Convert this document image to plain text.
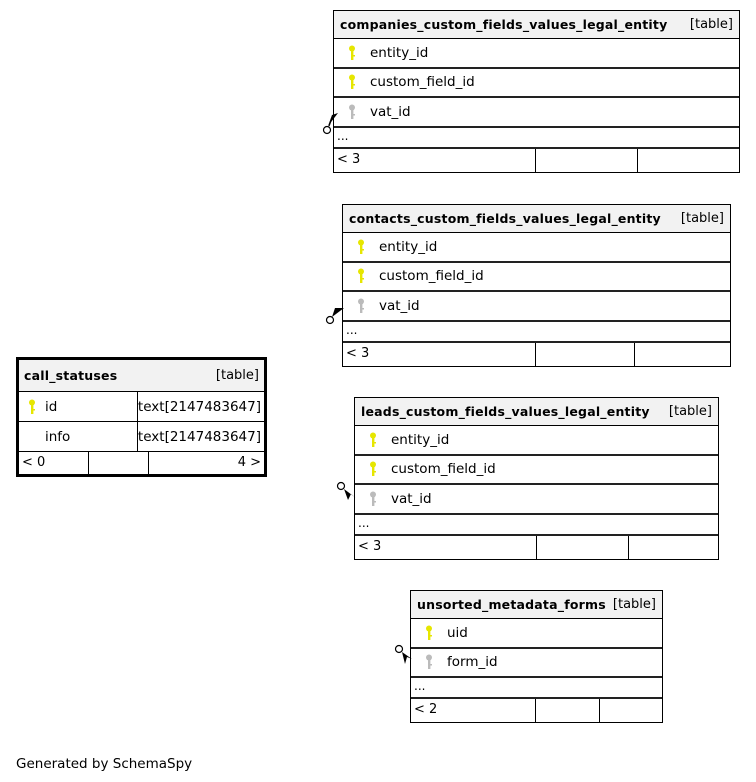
companies_custom_fields_values_legal_entity [table]
entity_id
custom_field_id
vat_id
...
< 3
contacts_custom_fields_values_legal_entity [table]
entity_id
custom_field_id
vat_id
...
< 3
leads_custom_fields_values_legal_entity [table]
entity_id
custom_field_id
vat_id
...
< 3
unsorted_metadata_forms [table]
uid
form_id
...
< 2
call_statuses	[table]
id	text[2147483647]
info	text[2147483647]
< 0	4 >
Generated by SchemaSpy
